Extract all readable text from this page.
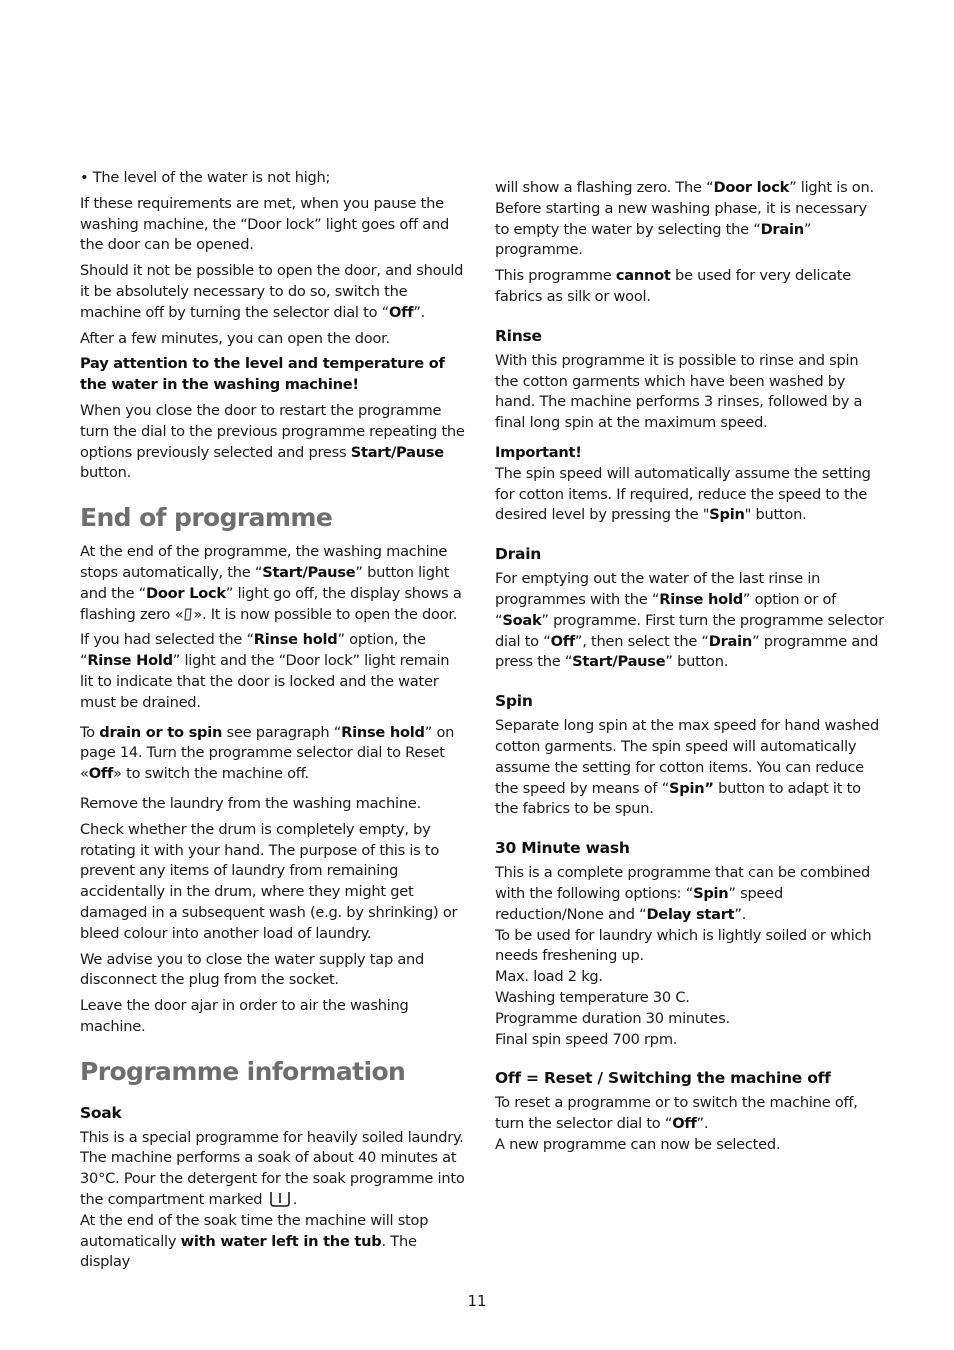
• The level of the water is not high;

If these requirements are met, when you pause the washing machine, the “Door lock” light goes off and the door can be opened.

Should it not be possible to open the door, and should it be absolutely necessary to do so, switch the machine off by turning the selector dial to “Off”.

After a few minutes, you can open the door.

Pay attention to the level and temperature of the water in the washing machine!

When you close the door to restart the programme turn the dial to the previous programme repeating the options previously selected and press Start/Pause button.

End of programme

At the end of the programme, the washing machine stops automatically, the “Start/Pause” button light and the “Door Lock” light go off, the display shows a flashing zero « ». It is now possible to open the door.

If you had selected the “Rinse hold” option, the “Rinse Hold” light and the “Door lock” light remain lit to indicate that the door is locked and the water must be drained.

To drain or to spin see paragraph “Rinse hold” on page 14. Turn the programme selector dial to Reset «Off» to switch the machine off.

Remove the laundry from the washing machine.

Check whether the drum is completely empty, by rotating it with your hand. The purpose of this is to prevent any items of laundry from remaining accidentally in the drum, where they might get damaged in a subsequent wash (e.g. by shrinking) or bleed colour into another load of laundry.

We advise you to close the water supply tap and disconnect the plug from the socket.

Leave the door ajar in order to air the washing machine.

Programme information
Soak

This is a special programme for heavily soiled laundry. The machine performs a soak of about 40 minutes at 30°C. Pour the detergent for the soak programme into the compartment marked .
At the end of the soak time the machine will stop automatically with water left in the tub. The display

will show a flashing zero. The “Door lock” light is on. Before starting a new washing phase, it is necessary to empty the water by selecting the “Drain” programme.

This programme cannot be used for very delicate fabrics as silk or wool.

Rinse

With this programme it is possible to rinse and spin the cotton garments which have been washed by hand. The machine performs 3 rinses, followed by a final long spin at the maximum speed.

Important!
The spin speed will automatically assume the setting for cotton items. If required, reduce the speed to the desired level by pressing the "Spin" button.

Drain

For emptying out the water of the last rinse in programmes with the “Rinse hold” option or of “Soak” programme. First turn the programme selector dial to “Off”, then select the “Drain” programme and press the “Start/Pause” button.

Spin

Separate long spin at the max speed for hand washed cotton garments. The spin speed will automatically assume the setting for cotton items. You can reduce the speed by means of “Spin” button to adapt it to the fabrics to be spun.

30 Minute wash

This is a complete programme that can be combined with the following options: “Spin” speed reduction/None and “Delay start”.
To be used for laundry which is lightly soiled or which needs freshening up.
Max. load 2 kg.
Washing temperature 30 C.
Programme duration 30 minutes.
Final spin speed 700 rpm.

Off = Reset / Switching the machine off

To reset a programme or to switch the machine off, turn the selector dial to “Off”.
A new programme can now be selected.

11
